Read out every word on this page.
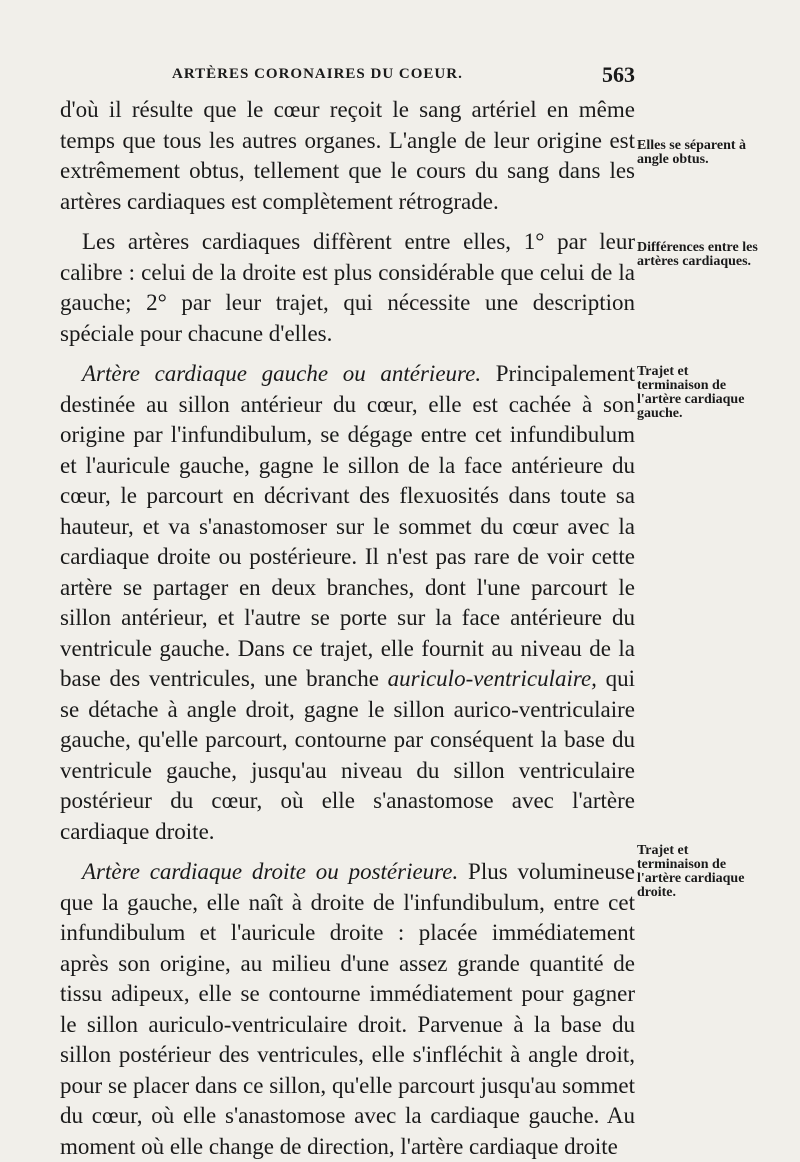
ARTÈRES CORONAIRES DU COEUR.	563

d'où il résulte que le cœur reçoit le sang artériel en même temps que tous les autres organes. L'angle de leur origine est extrêmement obtus, tellement que le cours du sang dans les artères cardiaques est complètement rétrograde.

Les artères cardiaques diffèrent entre elles, 1° par leur calibre : celui de la droite est plus considérable que celui de la gauche; 2° par leur trajet, qui nécessite une description spéciale pour chacune d'elles.

Artère cardiaque gauche ou antérieure. Principalement destinée au sillon antérieur du cœur, elle est cachée à son origine par l'infundibulum, se dégage entre cet infundibulum et l'auricule gauche, gagne le sillon de la face antérieure du cœur, le parcourt en décrivant des flexuosités dans toute sa hauteur, et va s'anastomoser sur le sommet du cœur avec la cardiaque droite ou postérieure. Il n'est pas rare de voir cette artère se partager en deux branches, dont l'une parcourt le sillon antérieur, et l'autre se porte sur la face antérieure du ventricule gauche. Dans ce trajet, elle fournit au niveau de la base des ventricules, une branche auriculo-ventriculaire, qui se détache à angle droit, gagne le sillon aurico-ventriculaire gauche, qu'elle parcourt, contourne par conséquent la base du ventricule gauche, jusqu'au niveau du sillon ventriculaire postérieur du cœur, où elle s'anastomose avec l'artère cardiaque droite.

Artère cardiaque droite ou postérieure. Plus volumineuse que la gauche, elle naît à droite de l'infundibulum, entre cet infundibulum et l'auricule droite : placée immédiatement après son origine, au milieu d'une assez grande quantité de tissu adipeux, elle se contourne immédiatement pour gagner le sillon auriculo-ventriculaire droit. Parvenue à la base du sillon postérieur des ventricules, elle s'infléchit à angle droit, pour se placer dans ce sillon, qu'elle parcourt jusqu'au sommet du cœur, où elle s'anastomose avec la cardiaque gauche. Au moment où elle change de direction, l'artère cardiaque droite

Elles se séparent à angle obtus.
Différences entre les artères cardiaques.
Trajet et terminaison de l'artère cardiaque gauche.
Trajet et terminaison de l'artère cardiaque droite.
